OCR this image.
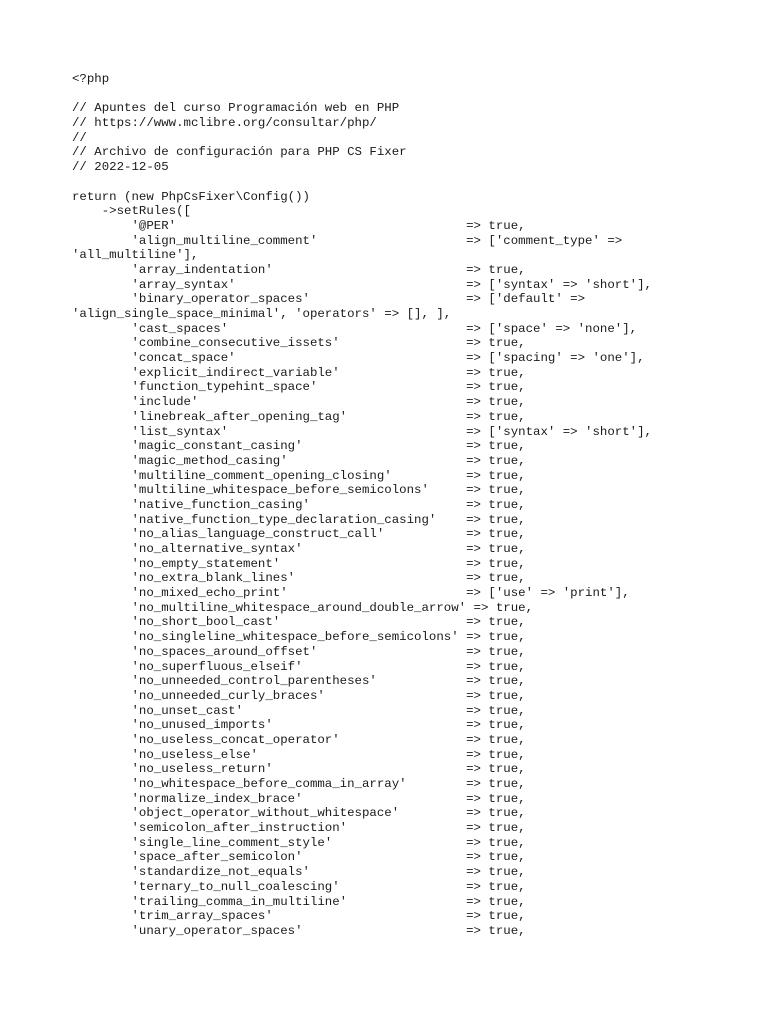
<?php
// Apuntes del curso Programación web en PHP
// https://www.mclibre.org/consultar/php/
//
// Archivo de configuración para PHP CS Fixer
// 2022-12-05
return (new PhpCsFixer\Config())
->setRules([
'@PER'                                       => true,
'align_multiline_comment'                    => ['comment_type' =>
'all_multiline'],
'array_indentation'                          => true,
'array_syntax'                               => ['syntax' => 'short'],
'binary_operator_spaces'                     => ['default' =>
'align_single_space_minimal', 'operators' => [], ],
'cast_spaces'                                => ['space' => 'none'],
'combine_consecutive_issets'                 => true,
'concat_space'                               => ['spacing' => 'one'],
'explicit_indirect_variable'                 => true,
'function_typehint_space'                    => true,
'include'                                    => true,
'linebreak_after_opening_tag'                => true,
'list_syntax'                                => ['syntax' => 'short'],
'magic_constant_casing'                      => true,
'magic_method_casing'                        => true,
'multiline_comment_opening_closing'          => true,
'multiline_whitespace_before_semicolons'     => true,
'native_function_casing'                     => true,
'native_function_type_declaration_casing'    => true,
'no_alias_language_construct_call'           => true,
'no_alternative_syntax'                      => true,
'no_empty_statement'                         => true,
'no_extra_blank_lines'                       => true,
'no_mixed_echo_print'                        => ['use' => 'print'],
'no_multiline_whitespace_around_double_arrow' => true,
'no_short_bool_cast'                         => true,
'no_singleline_whitespace_before_semicolons' => true,
'no_spaces_around_offset'                    => true,
'no_superfluous_elseif'                      => true,
'no_unneeded_control_parentheses'            => true,
'no_unneeded_curly_braces'                   => true,
'no_unset_cast'                              => true,
'no_unused_imports'                          => true,
'no_useless_concat_operator'                 => true,
'no_useless_else'                            => true,
'no_useless_return'                          => true,
'no_whitespace_before_comma_in_array'        => true,
'normalize_index_brace'                      => true,
'object_operator_without_whitespace'         => true,
'semicolon_after_instruction'                => true,
'single_line_comment_style'                  => true,
'space_after_semicolon'                      => true,
'standardize_not_equals'                     => true,
'ternary_to_null_coalescing'                 => true,
'trailing_comma_in_multiline'                => true,
'trim_array_spaces'                          => true,
'unary_operator_spaces'                      => true,
